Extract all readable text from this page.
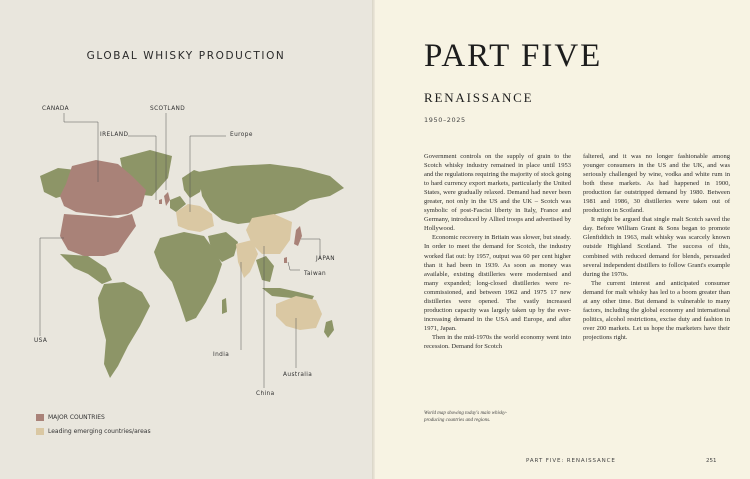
GLOBAL WHISKY PRODUCTION
CANADA	SCOTLAND
IRELAND	Europe
JAPAN
Taiwan
USA
India
China
Australia
MAJOR COUNTRIES
Leading emerging countries/areas
PART FIVE
RENAISSANCE
1950–2025

Government controls on the supply of grain to the Scotch whisky industry remained in place until 1953 and the regulations requiring the majority of stock going to hard currency export markets, particularly the United States, were gradually relaxed. Demand had never been greater, not only in the US and the UK – Scotch was symbolic of post-Fascist liberty in Italy, France and Germany, introduced by Allied troops and advertised by Hollywood.

Economic recovery in Britain was slower, but steady. In order to meet the demand for Scotch, the industry worked flat out: by 1957, output was 60 per cent higher than it had been in 1939. As soon as money was available, existing distilleries were modernised and many expanded; long-closed distilleries were re-commissioned, and between 1962 and 1975 17 new distilleries were opened. The vastly increased production capacity was largely taken up by the ever-increasing demand in the USA and Europe, and after 1971, Japan.

Then in the mid-1970s the world economy went into recession. Demand for Scotch

faltered, and it was no longer fashionable among younger consumers in the US and the UK, and was seriously challenged by wine, vodka and white rum in both these markets. As had happened in 1900, production far outstripped demand by 1980. Between 1981 and 1986, 30 distilleries were taken out of production in Scotland.

It might be argued that single malt Scotch saved the day. Before William Grant & Sons began to promote Glenfiddich in 1963, malt whisky was scarcely known outside Highland Scotland. The success of this, combined with reduced demand for blends, persuaded several independent distillers to follow Grant's example during the 1970s.

The current interest and anticipated consumer demand for malt whisky has led to a boom greater than at any other time. But demand is vulnerable to many factors, including the global economy and international politics, alcohol restrictions, excise duty and fashion in over 200 markets. Let us hope the marketers have their projections right.

World map showing today's main whisky-producing countries and regions.
PART FIVE: RENAISSANCE	251
